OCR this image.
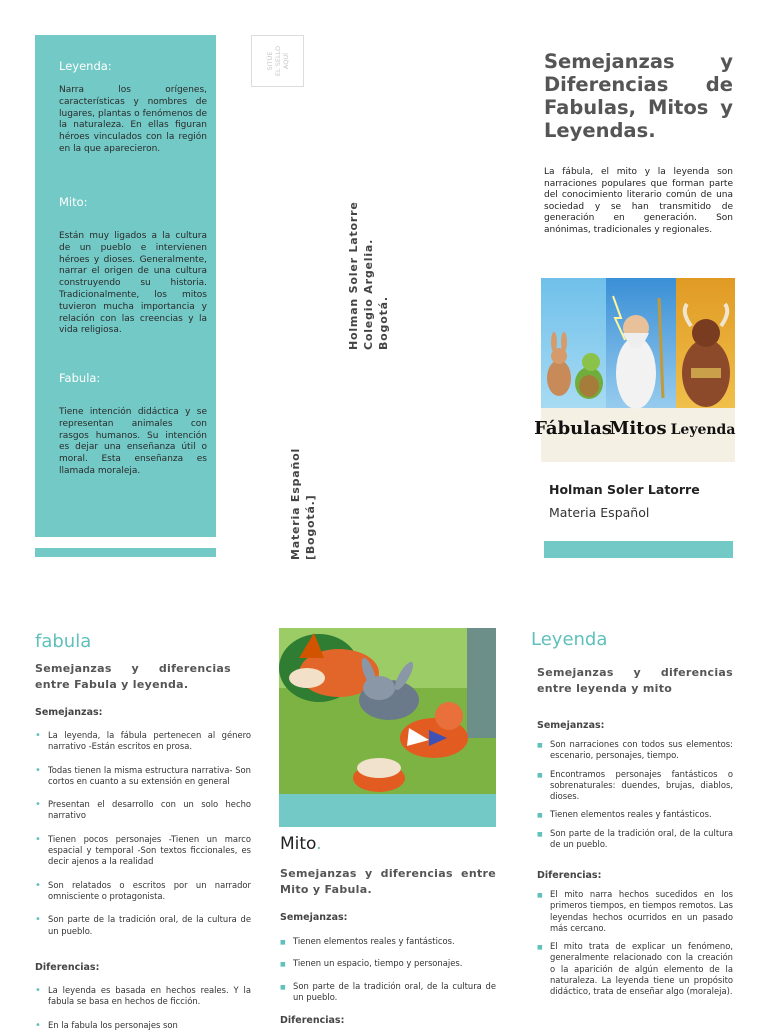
Leyenda:
Narra los orígenes, características y nombres de lugares, plantas o fenómenos de la naturaleza. En ellas figuran héroes vinculados con la región en la que aparecieron.
Mito:
Están muy ligados a la cultura de un pueblo e intervienen héroes y dioses. Generalmente, narrar el origen de una cultura construyendo su historia. Tradicionalmente, los mitos tuvieron mucha importancia y relación con las creencias y la vida religiosa.
Fabula:
Tiene intención didáctica y se representan animales con rasgos humanos. Su intención es dejar una enseñanza útil o moral. Esta enseñanza es llamada moraleja.
SITÚE EL SELLO AQUÍ
Holman Soler Latorre Colegio Argelia. Bogotá.
Materia Español [Bogotá.]
Semejanzas y Diferencias de Fabulas, Mitos y Leyendas.
La fábula, el mito y la leyenda son narraciones populares que forman parte del conocimiento literario común de una sociedad y se han transmitido de generación en generación. Son anónimas, tradicionales y regionales.
Fábulas
Mitos Leyenda
Holman Soler Latorre
Materia Español
fabula
Semejanzas y diferencias entre Fabula y leyenda.
Semejanzas:
• La leyenda, la fábula pertenecen al género narrativo -Están escritos en prosa.
• Todas tienen la misma estructura narrativa- Son cortos en cuanto a su extensión en general
• Presentan el desarrollo con un solo hecho narrativo
• Tienen pocos personajes -Tienen un marco espacial y temporal -Son textos ficcionales, es decir ajenos a la realidad
• Son relatados o escritos por un narrador omnisciente o protagonista.
• Son parte de la tradición oral, de la cultura de un pueblo.
Diferencias:
• La leyenda es basada en hechos reales. Y la fabula se basa en hechos de ficción.
• En la fabula los personajes son
Mito.
Semejanzas y diferencias entre Mito y Fabula.
Semejanzas:
■ Tienen elementos reales y fantásticos.
■ Tienen un espacio, tiempo y personajes.
■ Son parte de la tradición oral, de la cultura de un pueblo.
Diferencias:
Leyenda
Semejanzas y diferencias entre leyenda y mito
Semejanzas:
■ Son narraciones con todos sus elementos: escenario, personajes, tiempo.
■ Encontramos personajes fantásticos o sobrenaturales: duendes, brujas, diablos, dioses.
■ Tienen elementos reales y fantásticos.
■ Son parte de la tradición oral, de la cultura de un pueblo.
Diferencias:
■ El mito narra hechos sucedidos en los primeros tiempos, en tiempos remotos. Las leyendas hechos ocurridos en un pasado más cercano.
■ El mito trata de explicar un fenómeno, generalmente relacionado con la creación o la aparición de algún elemento de la naturaleza. La leyenda tiene un propósito didáctico, trata de enseñar algo (moraleja).
